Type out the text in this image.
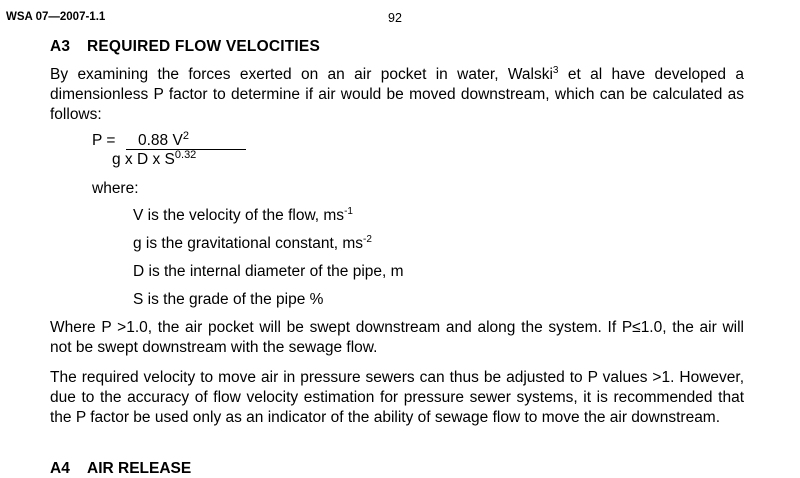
WSA 07—2007-1.1	92
A3 REQUIRED FLOW VELOCITIES
By examining the forces exerted on an air pocket in water, Walski$^3$ et al have developed a dimensionless P factor to determine if air would be moved downstream, which can be calculated as follows:
P = 0.88 $V^2$
g x D x $S^{0.32}$
where:
V is the velocity of the flow, $ms^{-1}$
g is the gravitational constant, $ms^{-2}$
D is the internal diameter of the pipe, m
S is the grade of the pipe %
Where P >1.0, the air pocket will be swept downstream and along the system. If P≤1.0, the air will not be swept downstream with the sewage flow.
The required velocity to move air in pressure sewers can thus be adjusted to P values >1. However, due to the accuracy of flow velocity estimation for pressure sewer systems, it is recommended that the P factor be used only as an indicator of the ability of sewage flow to move the air downstream.
A4 AIR RELEASE
